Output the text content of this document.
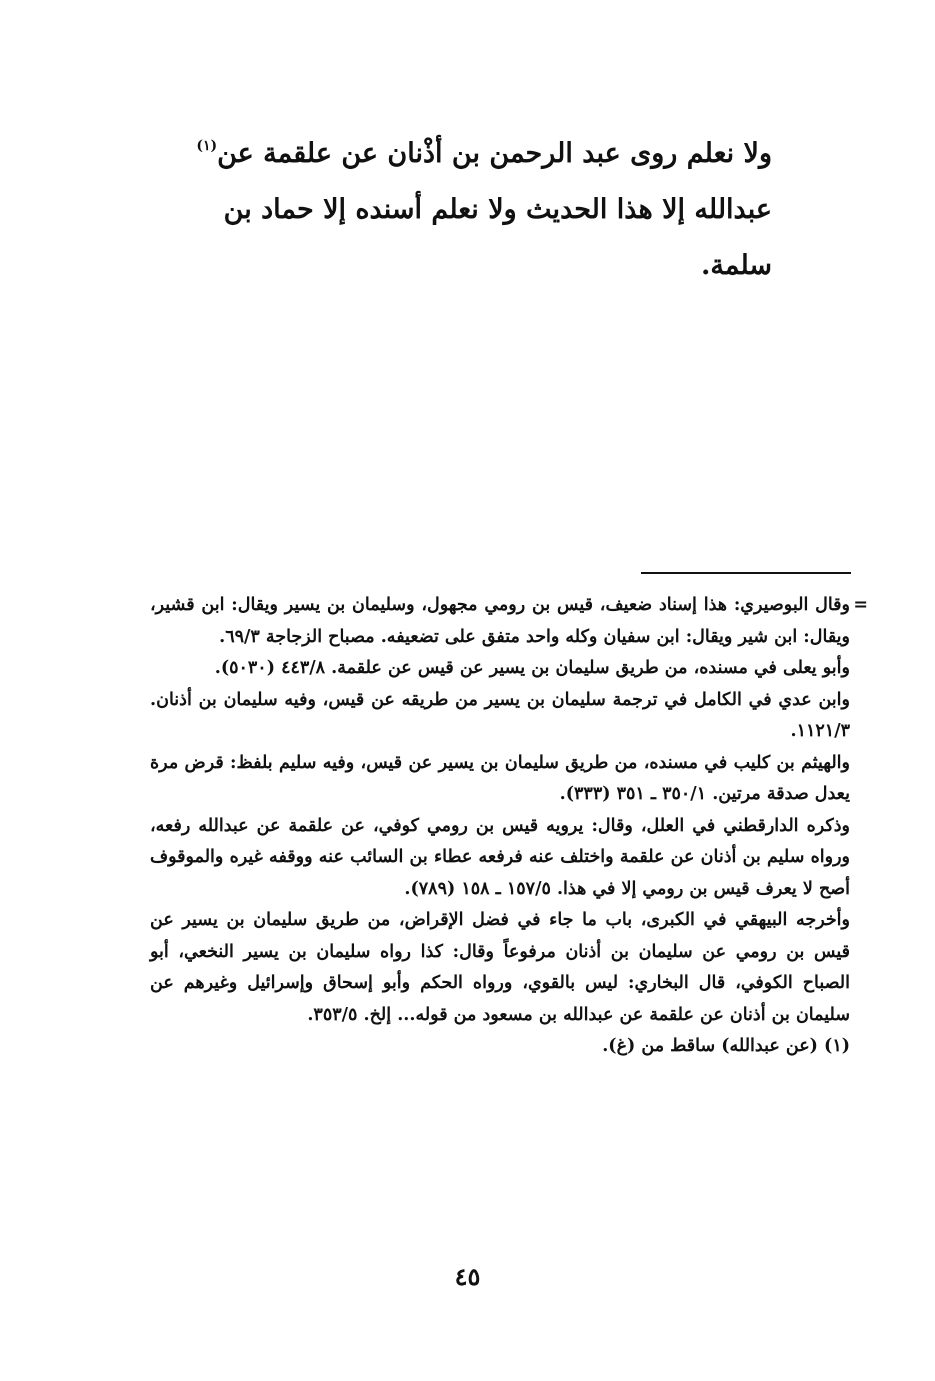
ولا نعلم روى عبد الرحمن بن أذْنان عن علقمة عن$^{(١)}$
عبدالله إلا هذا الحديث ولا نعلم أسنده إلا حماد بن سلمة.

=
وقال البوصيري: هذا إسناد ضعيف، قيس بن رومي مجهول، وسليمان بن يسير ويقال: ابن قشير، ويقال: ابن شير ويقال: ابن سفيان وكله واحد متفق على تضعيفه. مصباح الزجاجة ٦٩/٣.

وأبو يعلى في مسنده، من طريق سليمان بن يسير عن قيس عن علقمة. ٤٤٣/٨ (٥٠٣٠).

وابن عدي في الكامل في ترجمة سليمان بن يسير من طريقه عن قيس، وفيه سليمان بن أذنان. ١١٢١/٣.

والهيثم بن كليب في مسنده، من طريق سليمان بن يسير عن قيس، وفيه سليم بلفظ: قرض مرة يعدل صدقة مرتين. ٣٥٠/١ ـ ٣٥١ (٣٣٣).

وذكره الدارقطني في العلل، وقال: يرويه قيس بن رومي كوفي، عن علقمة عن عبدالله رفعه، ورواه سليم بن أذنان عن علقمة واختلف عنه فرفعه عطاء بن السائب عنه ووقفه غيره والموقوف أصح لا يعرف قيس بن رومي إلا في هذا. ١٥٧/٥ ـ ١٥٨ (٧٨٩).

وأخرجه البيهقي في الكبرى، باب ما جاء في فضل الإقراض، من طريق سليمان بن يسير عن قيس بن رومي عن سليمان بن أذنان مرفوعاً وقال: كذا رواه سليمان بن يسير النخعي، أبو الصباح الكوفي، قال البخاري: ليس بالقوي، ورواه الحكم وأبو إسحاق وإسرائيل وغيرهم عن سليمان بن أذنان عن علقمة عن عبدالله بن مسعود من قوله... إلخ. ٣٥٣/٥.

(١) (عن عبدالله) ساقط من (غ).

٤٥
